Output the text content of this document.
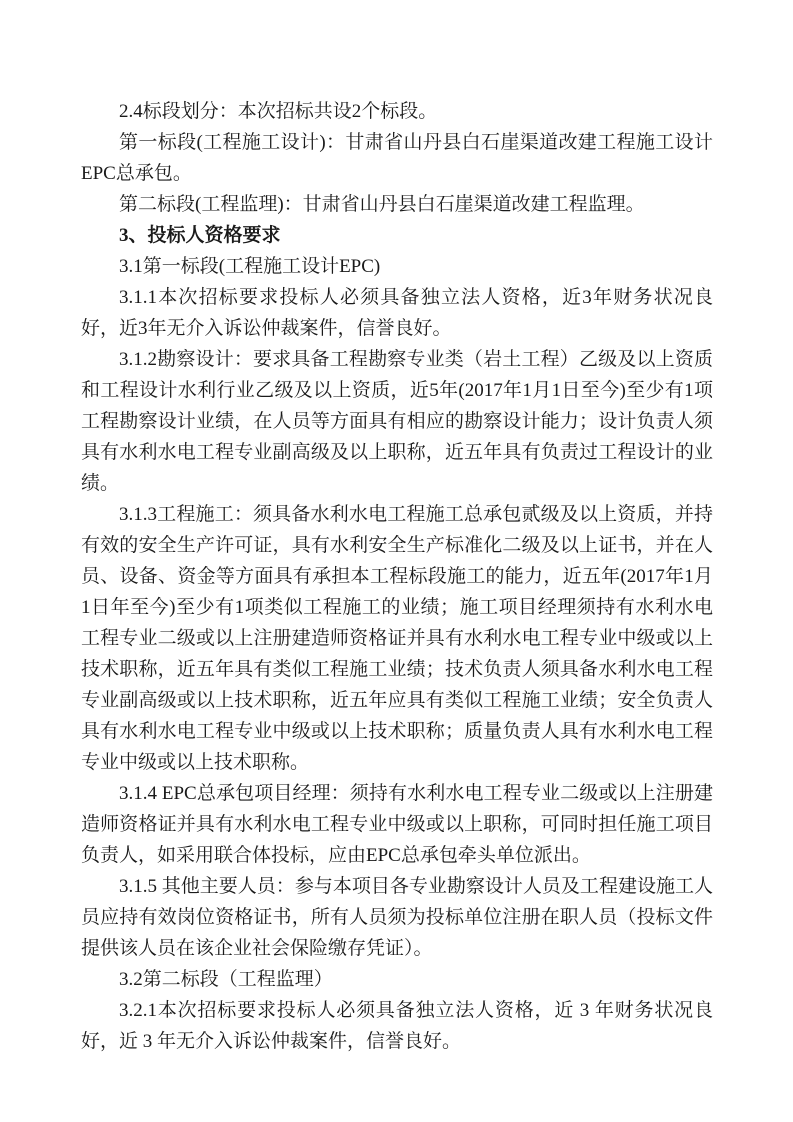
2.4标段划分：本次招标共设2个标段。

第一标段(工程施工设计)：甘肃省山丹县白石崖渠道改建工程施工设计EPC总承包。

第二标段(工程监理)：甘肃省山丹县白石崖渠道改建工程监理。

3、投标人资格要求

3.1第一标段(工程施工设计EPC)

3.1.1本次招标要求投标人必须具备独立法人资格，近3年财务状况良好，近3年无介入诉讼仲裁案件，信誉良好。

3.1.2勘察设计：要求具备工程勘察专业类（岩土工程）乙级及以上资质和工程设计水利行业乙级及以上资质，近5年(2017年1月1日至今)至少有1项工程勘察设计业绩，在人员等方面具有相应的勘察设计能力；设计负责人须具有水利水电工程专业副高级及以上职称，近五年具有负责过工程设计的业绩。

3.1.3工程施工：须具备水利水电工程施工总承包贰级及以上资质，并持有效的安全生产许可证，具有水利安全生产标准化二级及以上证书，并在人员、设备、资金等方面具有承担本工程标段施工的能力，近五年(2017年1月1日年至今)至少有1项类似工程施工的业绩；施工项目经理须持有水利水电工程专业二级或以上注册建造师资格证并具有水利水电工程专业中级或以上技术职称，近五年具有类似工程施工业绩；技术负责人须具备水利水电工程专业副高级或以上技术职称，近五年应具有类似工程施工业绩；安全负责人具有水利水电工程专业中级或以上技术职称；质量负责人具有水利水电工程专业中级或以上技术职称。

3.1.4 EPC总承包项目经理：须持有水利水电工程专业二级或以上注册建造师资格证并具有水利水电工程专业中级或以上职称，可同时担任施工项目负责人，如采用联合体投标，应由EPC总承包牵头单位派出。

3.1.5 其他主要人员：参与本项目各专业勘察设计人员及工程建设施工人员应持有效岗位资格证书，所有人员须为投标单位注册在职人员（投标文件提供该人员在该企业社会保险缴存凭证）。

3.2第二标段（工程监理）

3.2.1本次招标要求投标人必须具备独立法人资格，近 3 年财务状况良好，近 3 年无介入诉讼仲裁案件，信誉良好。
